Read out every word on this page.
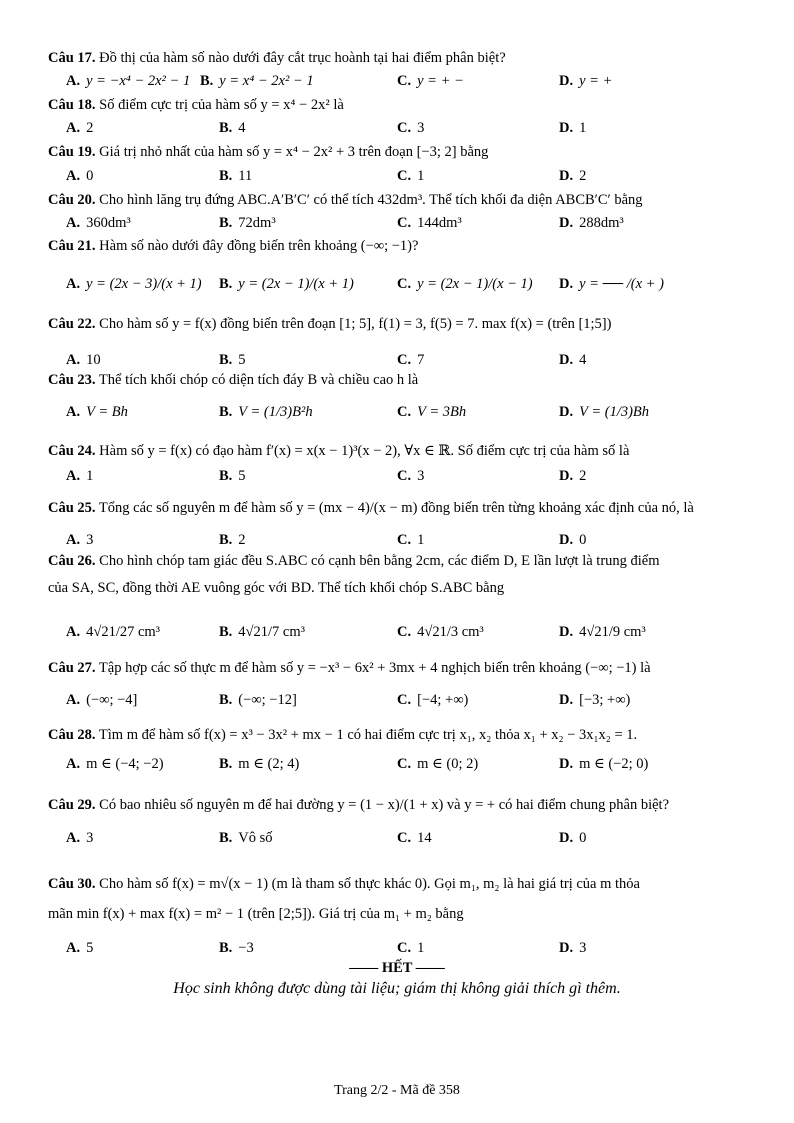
Câu 17. Đồ thị của hàm số nào dưới đây cắt trục hoành tại hai điểm phân biệt?
A. y = −x⁴ − 2x² − 1 B. y = x⁴ − 2x² − 1	C. y = + −	D. y = +
Câu 18. Số điểm cực trị của hàm số y = x⁴ − 2x² là
A. 2	B. 4	C. 3	D. 1
Câu 19. Giá trị nhỏ nhất của hàm số y = x⁴ − 2x² + 3 trên đoạn [−3; 2] bằng
A. 0	B. 11	C. 1	D. 2
Câu 20. Cho hình lăng trụ đứng ABC.A′B′C′ có thể tích 432dm³. Thể tích khối đa diện ABCB′C′ bằng
A. 360dm³	B. 72dm³	C. 144dm³	D. 288dm³
Câu 21. Hàm số nào dưới đây đồng biến trên khoảng (−∞; −1)?
A. y = (2x − 3)/(x + 1) B. y = (2x − 1)/(x + 1)	C. y = (2x − 1)/(x − 1) D. y = ── /(x + )
Câu 22. Cho hàm số y = f(x) đồng biến trên đoạn [1; 5], f(1) = 3, f(5) = 7. max f(x) = (trên [1;5])
A. 10	B. 5	C. 7	D. 4
Câu 23. Thể tích khối chóp có diện tích đáy B và chiều cao h là
A. V = Bh	B. V = (1/3)B²h	C. V = 3Bh	D. V = (1/3)Bh
Câu 24. Hàm số y = f(x) có đạo hàm f′(x) = x(x − 1)³(x − 2), ∀x ∈ ℝ. Số điểm cực trị của hàm số là
A. 1	B. 5	C. 3	D. 2
Câu 25. Tổng các số nguyên m để hàm số y = (mx − 4)/(x − m) đồng biến trên từng khoảng xác định của nó, là
A. 3	B. 2	C. 1	D. 0
Câu 26. Cho hình chóp tam giác đều S.ABC có cạnh bên bằng 2cm, các điểm D, E lần lượt là trung điểm
của SA, SC, đồng thời AE vuông góc với BD. Thể tích khối chóp S.ABC bằng
A. 4√21/27 cm³	B. 4√21/7 cm³	C. 4√21/3 cm³	D. 4√21/9 cm³
Câu 27. Tập hợp các số thực m để hàm số y = −x³ − 6x² + 3mx + 4 nghịch biến trên khoảng (−∞; −1) là
A. (−∞; −4]	B. (−∞; −12]	C. [−4; +∞)	D. [−3; +∞)
Câu 28. Tìm m để hàm số f(x) = x³ − 3x² + mx − 1 có hai điểm cực trị x₁, x₂ thỏa x₁ + x₂ − 3x₁x₂ = 1.
A. m ∈ (−4; −2)	B. m ∈ (2; 4)	C. m ∈ (0; 2)	D. m ∈ (−2; 0)
Câu 29. Có bao nhiêu số nguyên m để hai đường y = (1 − x)/(1 + x) và y = + có hai điểm chung phân biệt?
A. 3	B. Vô số	C. 14	D. 0
Câu 30. Cho hàm số f(x) = m√(x − 1) (m là tham số thực khác 0). Gọi m₁, m₂ là hai giá trị của m thỏa
mãn min f(x) + max f(x) = m² − 1 (trên [2;5]). Giá trị của m₁ + m₂ bằng
A. 5	B. −3	C. 1	D. 3
—— HẾT ——
Học sinh không được dùng tài liệu; giám thị không giải thích gì thêm.
Trang 2/2 - Mã đề 358
